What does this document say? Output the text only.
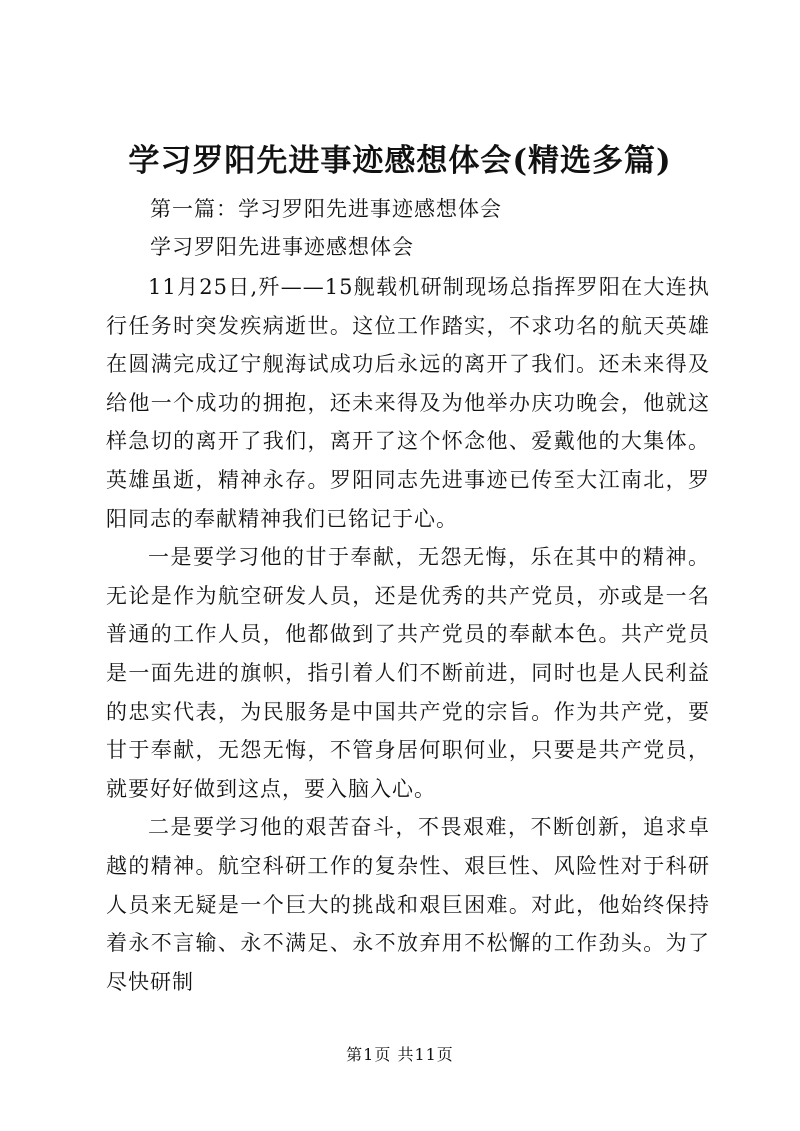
学习罗阳先进事迹感想体会(精选多篇)
第一篇：学习罗阳先进事迹感想体会
学习罗阳先进事迹感想体会

11月25日,歼——15舰载机研制现场总指挥罗阳在大连执行任务时突发疾病逝世。这位工作踏实，不求功名的航天英雄在圆满完成辽宁舰海试成功后永远的离开了我们。还未来得及给他一个成功的拥抱，还未来得及为他举办庆功晚会，他就这样急切的离开了我们，离开了这个怀念他、爱戴他的大集体。英雄虽逝，精神永存。罗阳同志先进事迹已传至大江南北，罗阳同志的奉献精神我们已铭记于心。

一是要学习他的甘于奉献，无怨无悔，乐在其中的精神。无论是作为航空研发人员，还是优秀的共产党员，亦或是一名普通的工作人员，他都做到了共产党员的奉献本色。共产党员是一面先进的旗帜，指引着人们不断前进，同时也是人民利益的忠实代表，为民服务是中国共产党的宗旨。作为共产党，要甘于奉献，无怨无悔，不管身居何职何业，只要是共产党员，就要好好做到这点，要入脑入心。

二是要学习他的艰苦奋斗，不畏艰难，不断创新，追求卓越的精神。航空科研工作的复杂性、艰巨性、风险性对于科研人员来无疑是一个巨大的挑战和艰巨困难。对此，他始终保持着永不言输、永不满足、永不放弃用不松懈的工作劲头。为了尽快研制

第1页 共11页
